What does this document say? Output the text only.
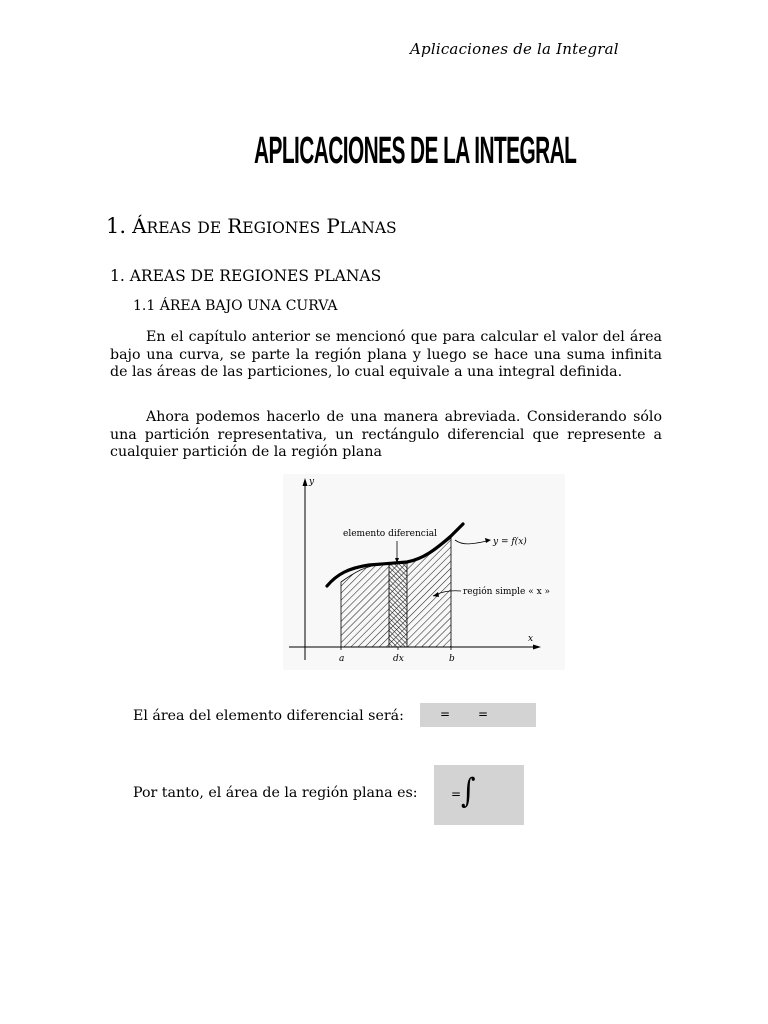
Aplicaciones de la Integral
APLICACIONES DE LA INTEGRAL
1. ÁREAS DE REGIONES PLANAS
1. AREAS DE REGIONES PLANAS
1.1 ÁREA BAJO UNA CURVA
En el capítulo anterior se mencionó que para calcular el valor del área bajo una curva, se parte la región plana y luego se hace una suma infinita de las áreas de las particiones, lo cual equivale a una integral definida.
Ahora podemos hacerlo de una manera abreviada. Considerando sólo una partición representativa, un rectángulo diferencial que represente a cualquier partición de la región plana
y
x
elemento diferencial
y = f(x)
región simple « x »
a	dx	b
El área del elemento diferencial será:	= =
Por tanto, el área de la región plana es:	= ∫
